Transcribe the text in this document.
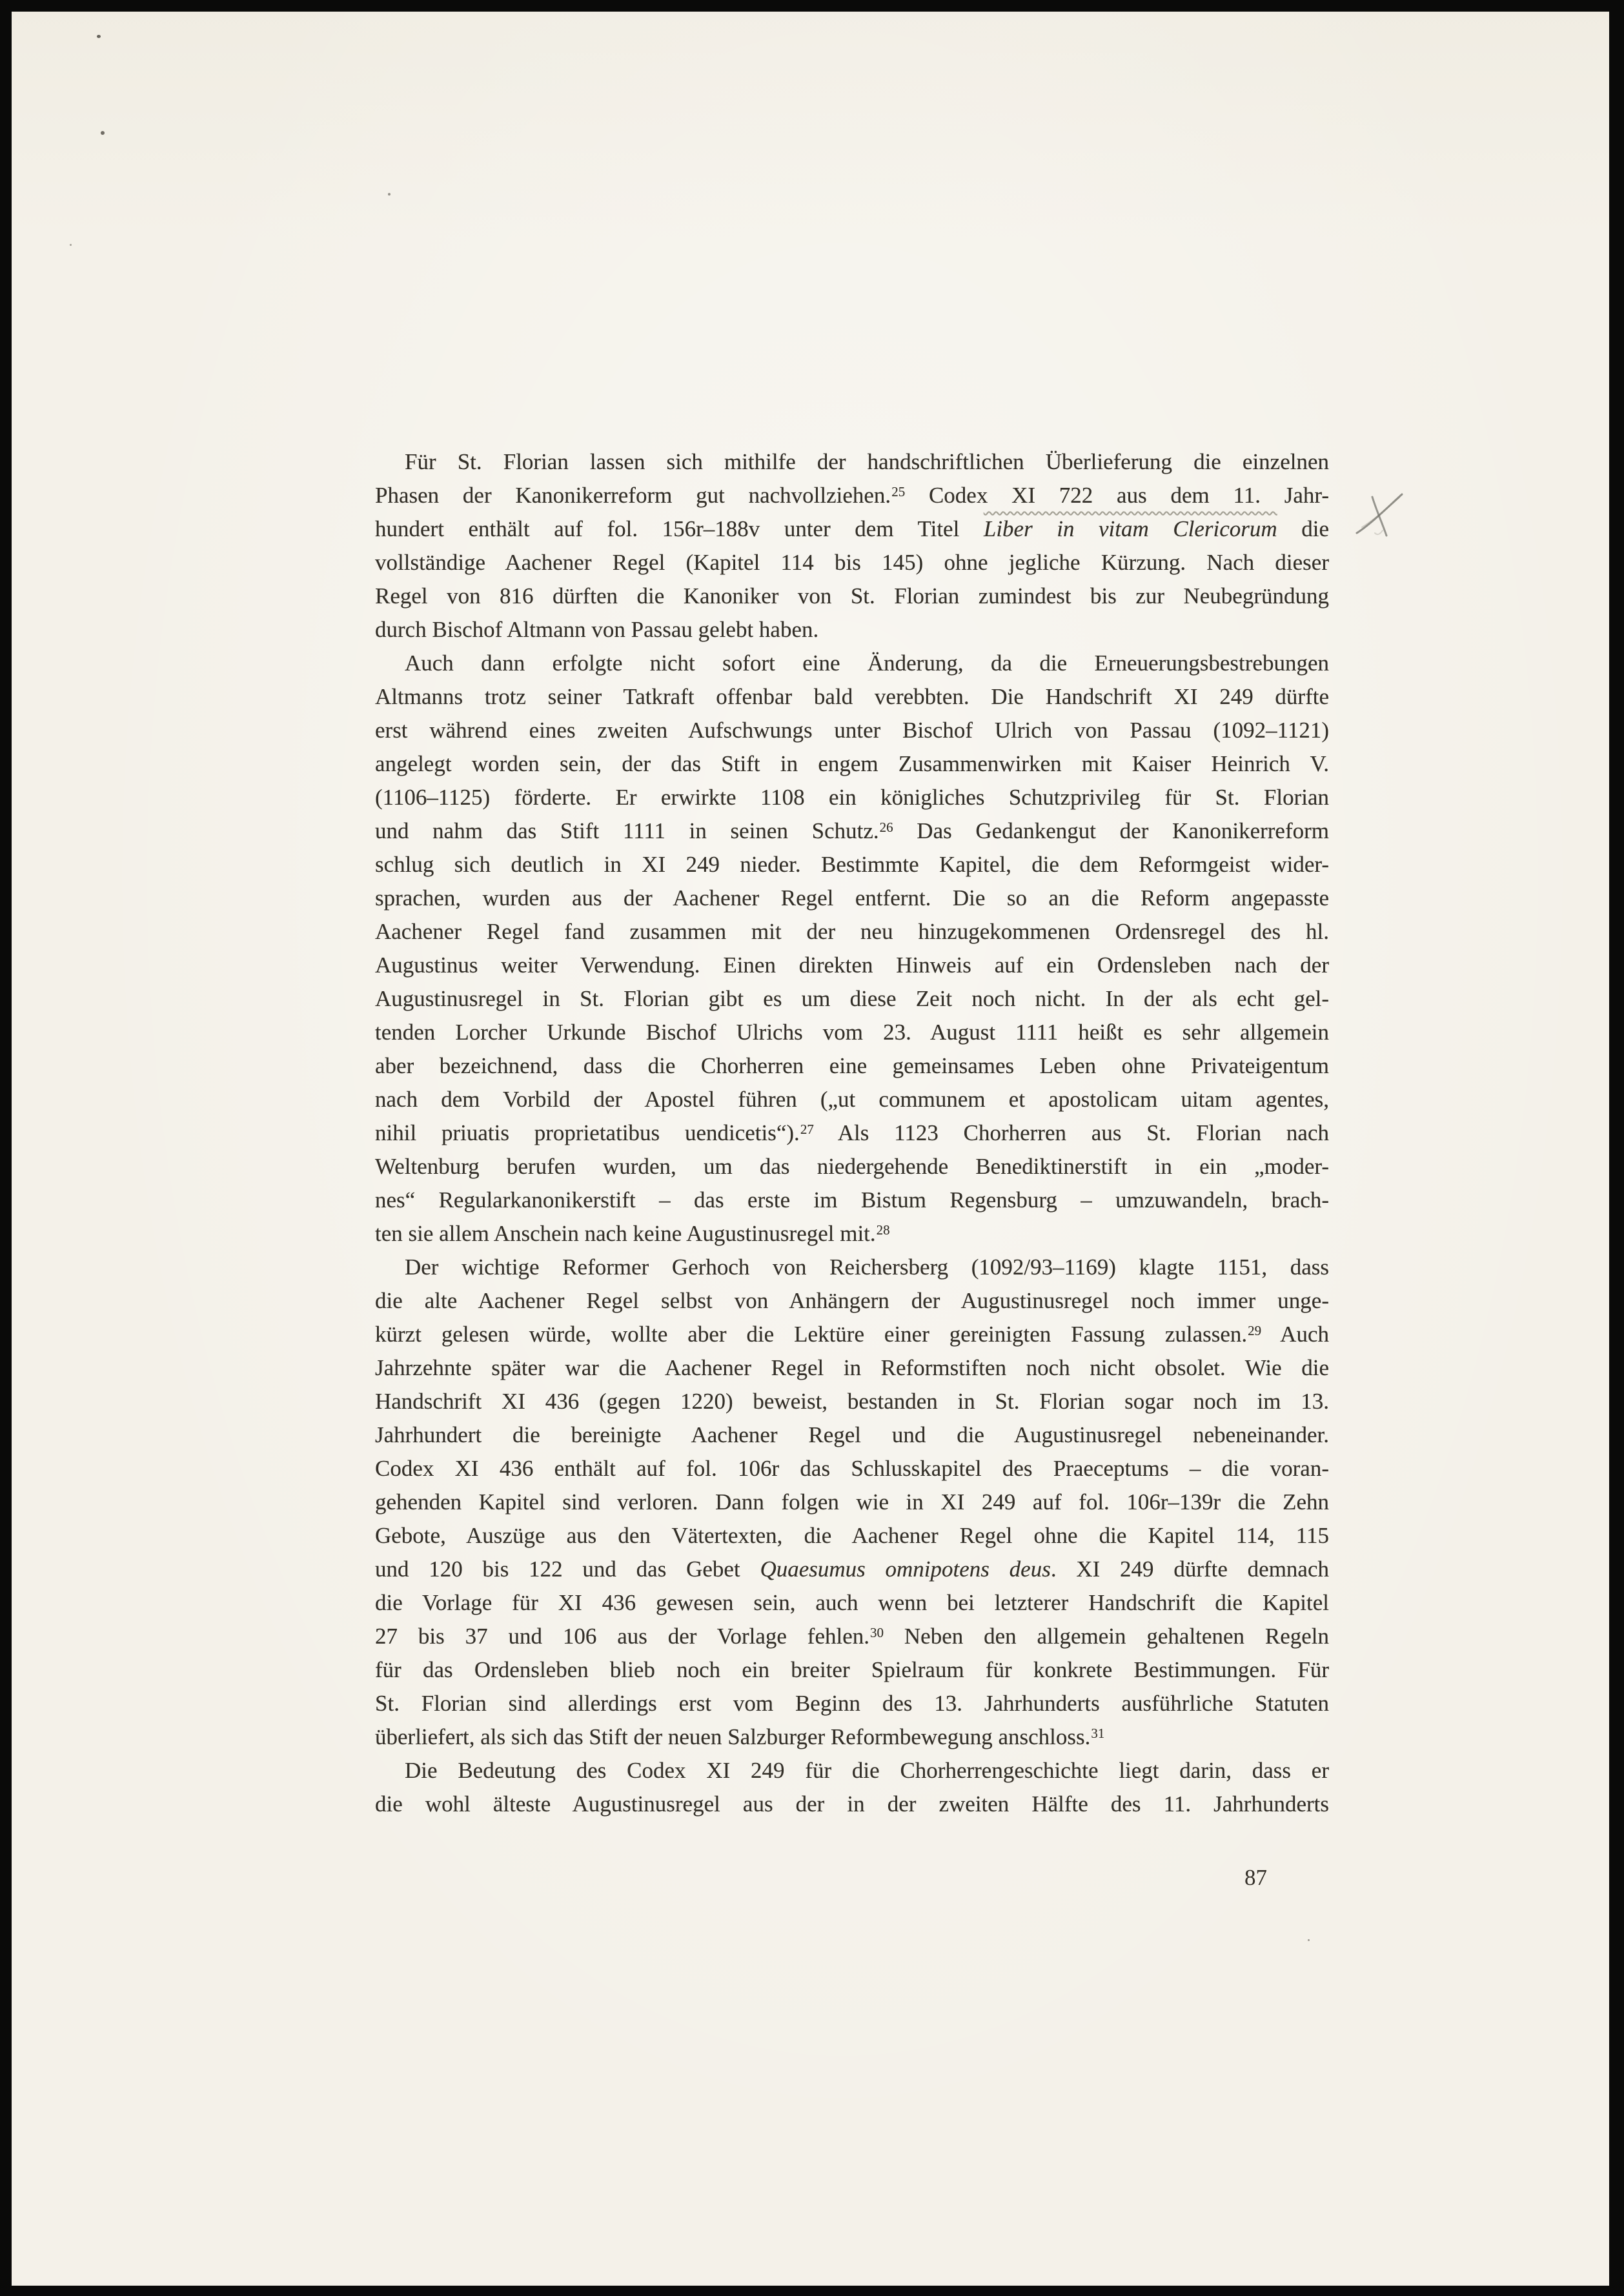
Für St. Florian lassen sich mithilfe der handschriftlichen Überlieferung die einzelnen
Phasen der Kanonikerreform gut nachvollziehen.$^{25}$ Codex XI 722 aus dem 11. Jahr-
hundert enthält auf fol. 156r–188v unter dem Titel Liber in vitam Clericorum die
vollständige Aachener Regel (Kapitel 114 bis 145) ohne jegliche Kürzung. Nach dieser
Regel von 816 dürften die Kanoniker von St. Florian zumindest bis zur Neubegründung
durch Bischof Altmann von Passau gelebt haben.
Auch dann erfolgte nicht sofort eine Änderung, da die Erneuerungsbestrebungen
Altmanns trotz seiner Tatkraft offenbar bald verebbten. Die Handschrift XI 249 dürfte
erst während eines zweiten Aufschwungs unter Bischof Ulrich von Passau (1092–1121)
angelegt worden sein, der das Stift in engem Zusammenwirken mit Kaiser Heinrich V.
(1106–1125) förderte. Er erwirkte 1108 ein königliches Schutzprivileg für St. Florian
und nahm das Stift 1111 in seinen Schutz.$^{26}$ Das Gedankengut der Kanonikerreform
schlug sich deutlich in XI 249 nieder. Bestimmte Kapitel, die dem Reformgeist wider-
sprachen, wurden aus der Aachener Regel entfernt. Die so an die Reform angepasste
Aachener Regel fand zusammen mit der neu hinzugekommenen Ordensregel des hl.
Augustinus weiter Verwendung. Einen direkten Hinweis auf ein Ordensleben nach der
Augustinusregel in St. Florian gibt es um diese Zeit noch nicht. In der als echt gel-
tenden Lorcher Urkunde Bischof Ulrichs vom 23. August 1111 heißt es sehr allgemein
aber bezeichnend, dass die Chorherren eine gemeinsames Leben ohne Privateigentum
nach dem Vorbild der Apostel führen („ut communem et apostolicam uitam agentes,
nihil priuatis proprietatibus uendicetis“).$^{27}$ Als 1123 Chorherren aus St. Florian nach
Weltenburg berufen wurden, um das niedergehende Benediktinerstift in ein „moder-
nes“ Regularkanonikerstift – das erste im Bistum Regensburg – umzuwandeln, brach-
ten sie allem Anschein nach keine Augustinusregel mit.$^{28}$
Der wichtige Reformer Gerhoch von Reichersberg (1092/93–1169) klagte 1151, dass
die alte Aachener Regel selbst von Anhängern der Augustinusregel noch immer unge-
kürzt gelesen würde, wollte aber die Lektüre einer gereinigten Fassung zulassen.$^{29}$ Auch
Jahrzehnte später war die Aachener Regel in Reformstiften noch nicht obsolet. Wie die
Handschrift XI 436 (gegen 1220) beweist, bestanden in St. Florian sogar noch im 13.
Jahrhundert die bereinigte Aachener Regel und die Augustinusregel nebeneinander.
Codex XI 436 enthält auf fol. 106r das Schlusskapitel des Praeceptums – die voran-
gehenden Kapitel sind verloren. Dann folgen wie in XI 249 auf fol. 106r–139r die Zehn
Gebote, Auszüge aus den Vätertexten, die Aachener Regel ohne die Kapitel 114, 115
und 120 bis 122 und das Gebet Quaesumus omnipotens deus. XI 249 dürfte demnach
die Vorlage für XI 436 gewesen sein, auch wenn bei letzterer Handschrift die Kapitel
27 bis 37 und 106 aus der Vorlage fehlen.$^{30}$ Neben den allgemein gehaltenen Regeln
für das Ordensleben blieb noch ein breiter Spielraum für konkrete Bestimmungen. Für
St. Florian sind allerdings erst vom Beginn des 13. Jahrhunderts ausführliche Statuten
überliefert, als sich das Stift der neuen Salzburger Reformbewegung anschloss.$^{31}$
Die Bedeutung des Codex XI 249 für die Chorherrengeschichte liegt darin, dass er
die wohl älteste Augustinusregel aus der in der zweiten Hälfte des 11. Jahrhunderts
87
